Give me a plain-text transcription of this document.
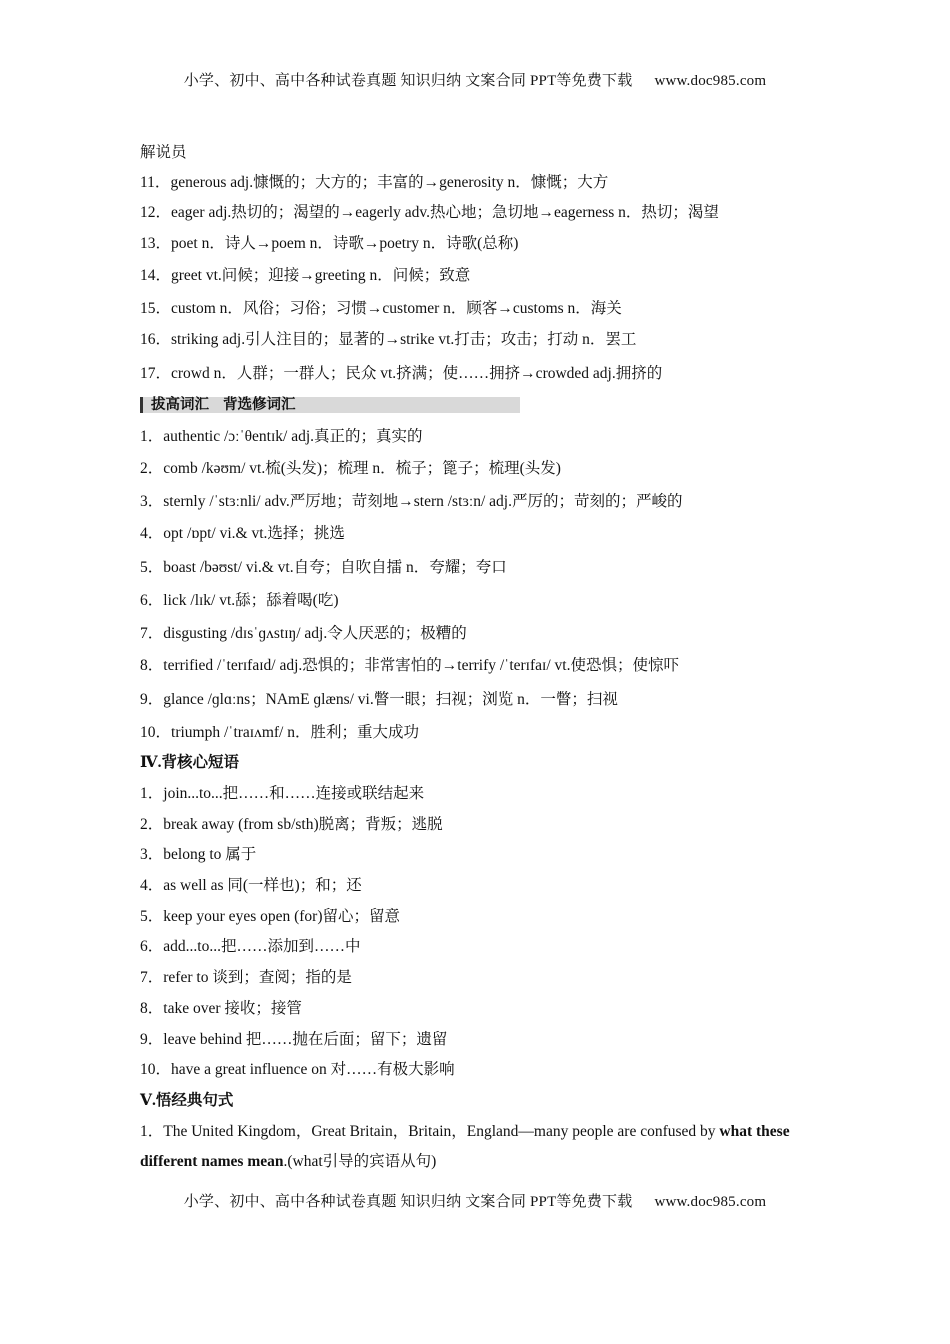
小学、初中、高中各种试卷真题 知识归纳 文案合同 PPT等免费下载 www.doc985.com
解说员
11．generous adj.慷慨的；大方的；丰富的→generosity n．慷慨；大方
12．eager adj.热切的；渴望的→eagerly adv.热心地；急切地→eagerness n．热切；渴望
13．poet n．诗人→poem n．诗歌→poetry n．诗歌(总称)
14．greet vt.问候；迎接→greeting n．问候；致意
15．custom n．风俗；习俗；习惯→customer n．顾客→customs n．海关
16．striking adj.引人注目的；显著的→strike vt.打击；攻击；打动 n．罢工
17．crowd n．人群；一群人；民众 vt.挤满；使……拥挤→crowded adj.拥挤的
拔高词汇 背选修词汇
1．authentic /ɔːˈθentɪk/ adj.真正的；真实的
2．comb /kəʊm/ vt.梳(头发)；梳理 n．梳子；篦子；梳理(头发)
3．sternly /ˈstɜːnli/ adv.严厉地；苛刻地→stern /stɜːn/ adj.严厉的；苛刻的；严峻的
4．opt /ɒpt/ vi.& vt.选择；挑选
5．boast /bəʊst/ vi.& vt.自夸；自吹自擂 n．夸耀；夸口
6．lick /lɪk/ vt.舔；舔着喝(吃)
7．disgusting /dɪsˈɡʌstɪŋ/ adj.令人厌恶的；极糟的
8．terrified /ˈterɪfaɪd/ adj.恐惧的；非常害怕的→terrify /ˈterɪfaɪ/ vt.使恐惧；使惊吓
9．glance /ɡlɑːns；NAmE ɡlæns/ vi.瞥一眼；扫视；浏览 n．一瞥；扫视
10．triumph /ˈtraɪʌmf/ n．胜利；重大成功
Ⅳ.背核心短语
1．join...to...把……和……连接或联结起来
2．break away (from sb/sth)脱离；背叛；逃脱
3．belong to 属于
4．as well as 同(一样也)；和；还
5．keep your eyes open (for)留心；留意
6．add...to...把……添加到……中
7．refer to 谈到；查阅；指的是
8．take over 接收；接管
9．leave behind 把……抛在后面；留下；遗留
10．have a great influence on 对……有极大影响
Ⅴ.悟经典句式
1．The United Kingdom，Great Britain，Britain，England—many people are confused by what these different names mean.(what引导的宾语从句)
小学、初中、高中各种试卷真题 知识归纳 文案合同 PPT等免费下载 www.doc985.com
